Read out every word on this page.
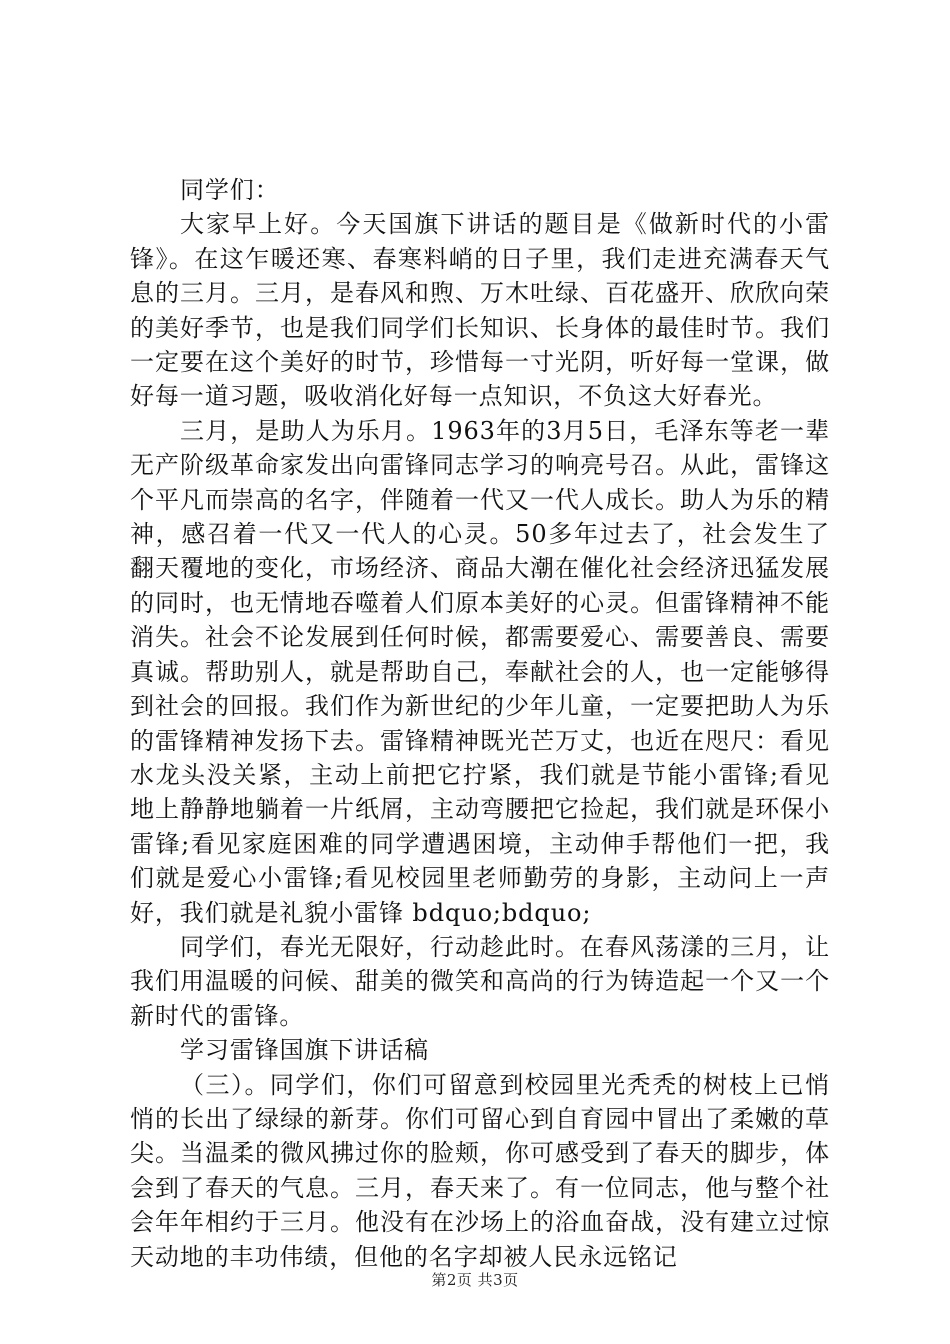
同学们：

大家早上好。今天国旗下讲话的题目是《做新时代的小雷锋》。在这乍暖还寒、春寒料峭的日子里，我们走进充满春天气息的三月。三月，是春风和煦、万木吐绿、百花盛开、欣欣向荣的美好季节，也是我们同学们长知识、长身体的最佳时节。我们一定要在这个美好的时节，珍惜每一寸光阴，听好每一堂课，做好每一道习题，吸收消化好每一点知识，不负这大好春光。

三月，是助人为乐月。1963年的3月5日，毛泽东等老一辈无产阶级革命家发出向雷锋同志学习的响亮号召。从此，雷锋这个平凡而崇高的名字，伴随着一代又一代人成长。助人为乐的精神，感召着一代又一代人的心灵。50多年过去了，社会发生了翻天覆地的变化，市场经济、商品大潮在催化社会经济迅猛发展的同时，也无情地吞噬着人们原本美好的心灵。但雷锋精神不能消失。社会不论发展到任何时候，都需要爱心、需要善良、需要真诚。帮助别人，就是帮助自己，奉献社会的人，也一定能够得到社会的回报。我们作为新世纪的少年儿童，一定要把助人为乐的雷锋精神发扬下去。雷锋精神既光芒万丈，也近在咫尺：看见水龙头没关紧，主动上前把它拧紧，我们就是节能小雷锋;看见地上静静地躺着一片纸屑，主动弯腰把它捡起，我们就是环保小雷锋;看见家庭困难的同学遭遇困境，主动伸手帮他们一把，我们就是爱心小雷锋;看见校园里老师勤劳的身影，主动问上一声好，我们就是礼貌小雷锋 bdquo;bdquo;

同学们，春光无限好，行动趁此时。在春风荡漾的三月，让我们用温暖的问候、甜美的微笑和高尚的行为铸造起一个又一个新时代的雷锋。

学习雷锋国旗下讲话稿

（三）。同学们，你们可留意到校园里光秃秃的树枝上已悄悄的长出了绿绿的新芽。你们可留心到自育园中冒出了柔嫩的草尖。当温柔的微风拂过你的脸颊，你可感受到了春天的脚步，体会到了春天的气息。三月，春天来了。有一位同志，他与整个社会年年相约于三月。他没有在沙场上的浴血奋战，没有建立过惊天动地的丰功伟绩，但他的名字却被人民永远铭记

第2页 共3页
